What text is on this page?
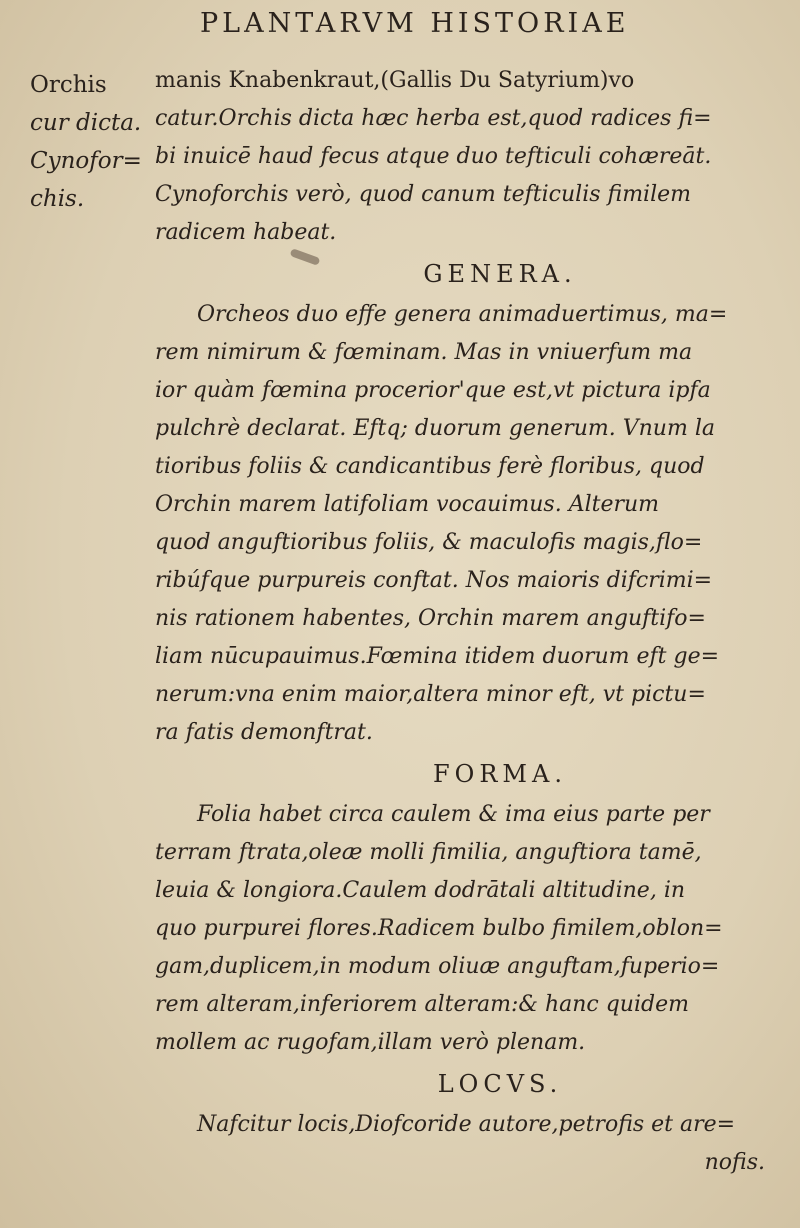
PLANTARVM HISTORIAE
Orchis
cur dicta.
Cynofor=
chis.
manis Knabenkraut,(Gallis Du Satyrium)vo
catur.Orchis dicta hæc herba est,quod radices fi=
bi inuicē haud fecus atque duo tefticuli cohæreāt.
Cynoforchis verò, quod canum tefticulis fimilem
radicem habeat.
GENERA.
Orcheos duo effe genera animaduertimus, ma=
rem nimirum & fœminam. Mas in vniuerfum ma
ior quàm fœmina procerior'que est,vt pictura ipfa
pulchrè declarat. Eftq; duorum generum. Vnum la
tioribus foliis & candicantibus ferè floribus, quod
Orchin marem latifoliam vocauimus. Alterum
quod anguftioribus foliis, & maculofis magis,flo=
ribúfque purpureis conftat. Nos maioris difcrimi=
nis rationem habentes, Orchin marem anguftifo=
liam nūcupauimus.Fœmina itidem duorum eft ge=
nerum:vna enim maior,altera minor eft, vt pictu=
ra fatis demonftrat.
FORMA.
Folia habet circa caulem & ima eius parte per
terram ftrata,oleæ molli fimilia, anguftiora tamē,
leuia & longiora.Caulem dodrātali altitudine, in
quo purpurei flores.Radicem bulbo fimilem,oblon=
gam,duplicem,in modum oliuæ anguftam,fuperio=
rem alteram,inferiorem alteram:& hanc quidem
mollem ac rugofam,illam verò plenam.
LOCVS.
Nafcitur locis,Diofcoride autore,petrofis et are=
nofis.
